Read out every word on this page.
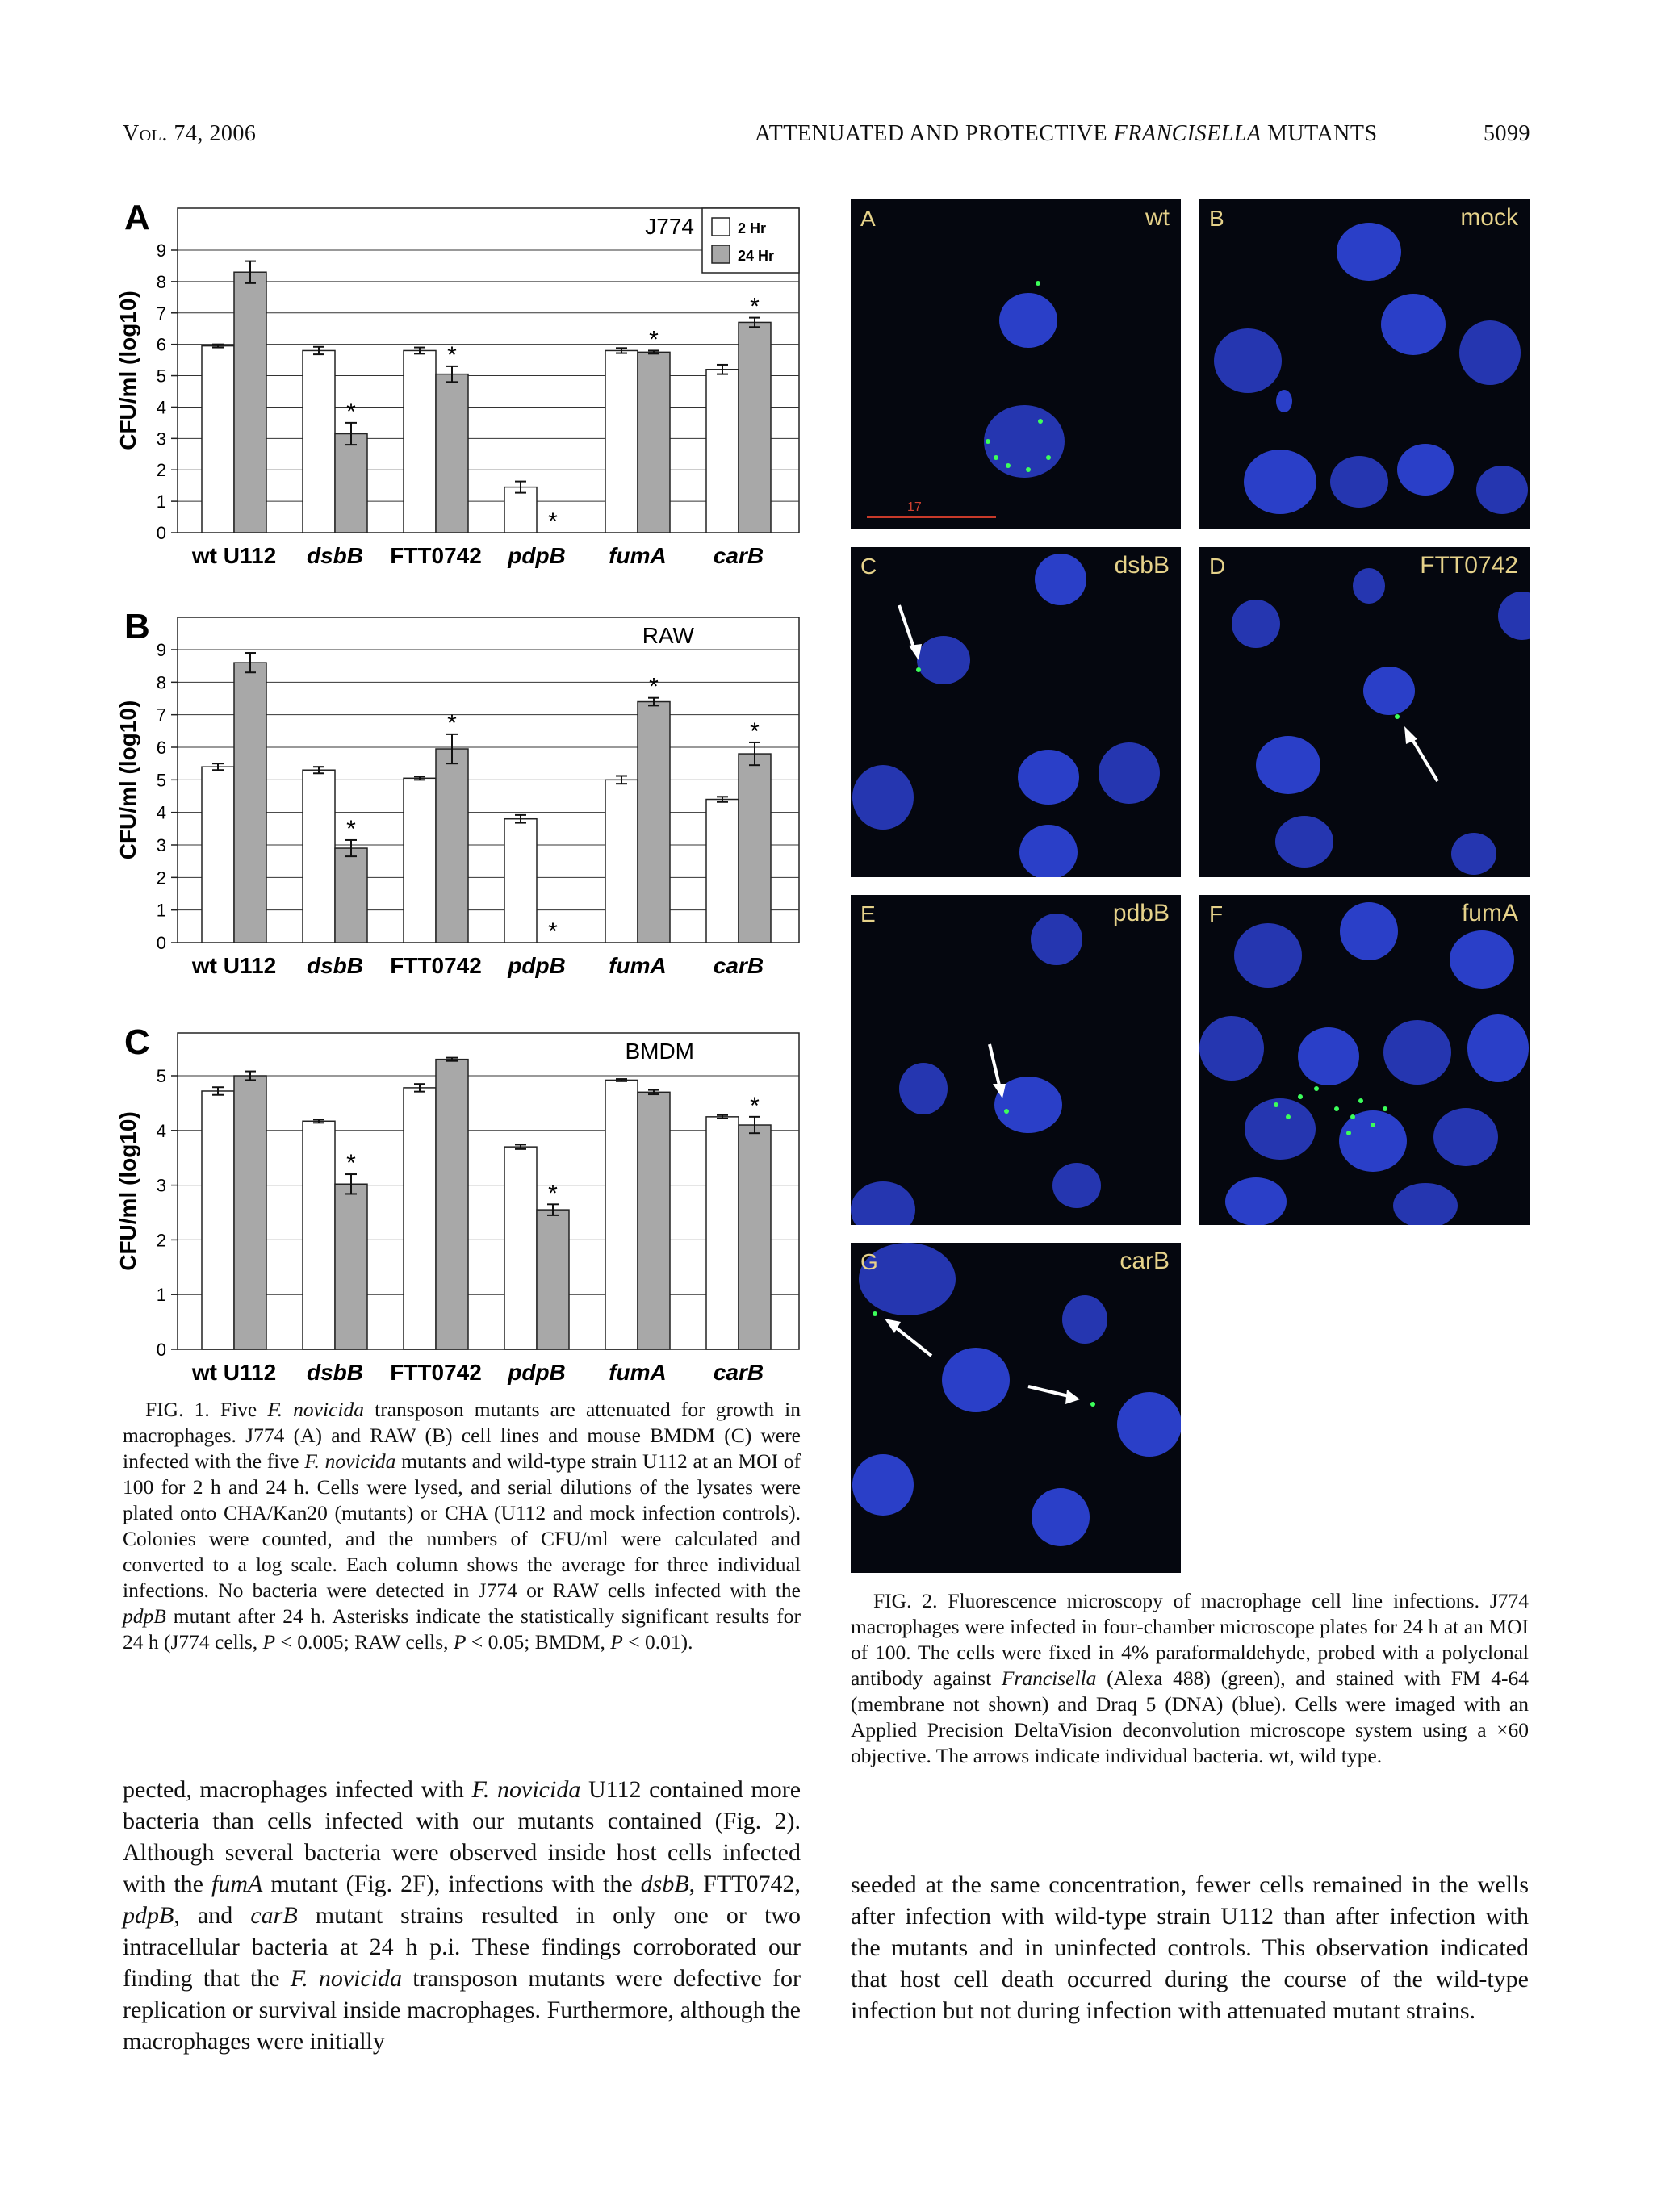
Vol. 74, 2006	ATTENUATED AND PROTECTIVE FRANCISELLA MUTANTS	5099
0
1
2
3
4
5
6
7
8
9
A
CFU/ml (log10)
J774	2 Hr
24 Hr
wt U112
*
dsbB
*
FTT0742
*
pdpB
*
fumA
*
carB
0
1
2
3
4
5
6
7
8
9
B
CFU/ml (log10)
RAW
wt U112
*
dsbB
*
FTT0742
*
pdpB
*
fumA
*
carB
0
1
2
3
4
5
C
CFU/ml (log10)
BMDM
wt U112
*
dsbB FTT0742
*
pdpB fumA
*
carB
FIG. 1. Five F. novicida transposon mutants are attenuated for growth in macrophages. J774 (A) and RAW (B) cell lines and mouse BMDM (C) were infected with the five F. novicida mutants and wild-type strain U112 at an MOI of 100 for 2 h and 24 h. Cells were lysed, and serial dilutions of the lysates were plated onto CHA/Kan20 (mutants) or CHA (U112 and mock infection controls). Colonies were counted, and the numbers of CFU/ml were calculated and converted to a log scale. Each column shows the average for three individual infections. No bacteria were detected in J774 or RAW cells infected with the pdpB mutant after 24 h. Asterisks indicate the statistically significant results for 24 h (J774 cells, P < 0.005; RAW cells, P < 0.05; BMDM, P < 0.01).
pected, macrophages infected with F. novicida U112 contained more bacteria than cells infected with our mutants contained (Fig. 2). Although several bacteria were observed inside host cells infected with the fumA mutant (Fig. 2F), infections with the dsbB, FTT0742, pdpB, and carB mutant strains resulted in only one or two intracellular bacteria at 24 h p.i. These findings corroborated our finding that the F. novicida transposon mutants were defective for replication or survival inside macrophages. Furthermore, although the macrophages were initially
A	wt
17
B	mock
C	dsbB D	FTT0742
E	pdbB F	fumA
G	carB
FIG. 2. Fluorescence microscopy of macrophage cell line infections. J774 macrophages were infected in four-chamber microscope plates for 24 h at an MOI of 100. The cells were fixed in 4% paraformaldehyde, probed with a polyclonal antibody against Francisella (Alexa 488) (green), and stained with FM 4-64 (membrane not shown) and Draq 5 (DNA) (blue). Cells were imaged with an Applied Precision DeltaVision deconvolution microscope system using a ×60 objective. The arrows indicate individual bacteria. wt, wild type.
seeded at the same concentration, fewer cells remained in the wells after infection with wild-type strain U112 than after infection with the mutants and in uninfected controls. This observation indicated that host cell death occurred during the course of the wild-type infection but not during infection with attenuated mutant strains.
